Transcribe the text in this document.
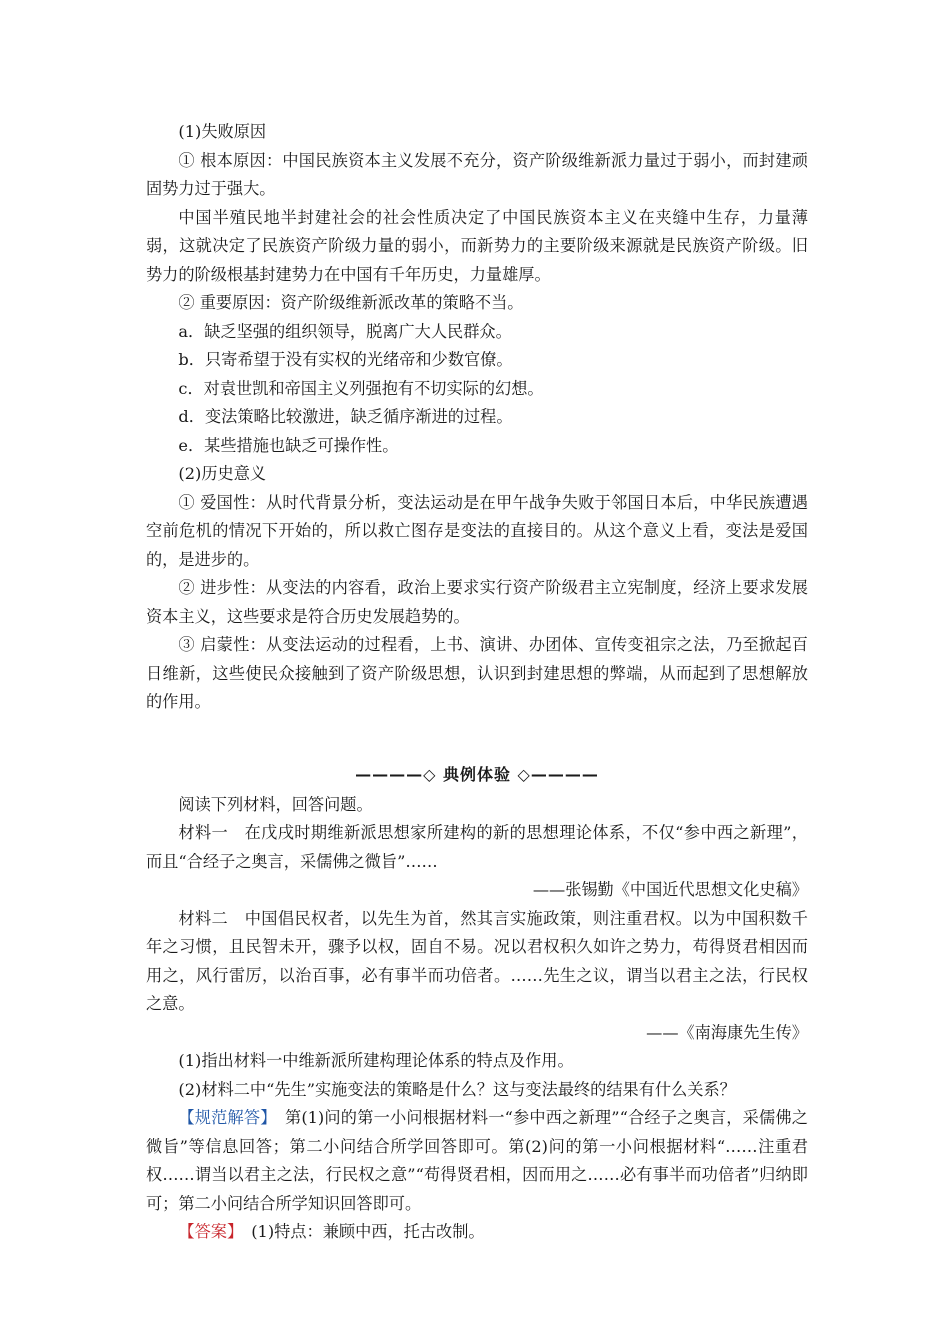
(1)失败原因

① 根本原因：中国民族资本主义发展不充分，资产阶级维新派力量过于弱小，而封建顽固势力过于强大。

中国半殖民地半封建社会的社会性质决定了中国民族资本主义在夹缝中生存，力量薄弱，这就决定了民族资产阶级力量的弱小，而新势力的主要阶级来源就是民族资产阶级。旧势力的阶级根基封建势力在中国有千年历史，力量雄厚。

② 重要原因：资产阶级维新派改革的策略不当。

a．缺乏坚强的组织领导，脱离广大人民群众。

b．只寄希望于没有实权的光绪帝和少数官僚。

c．对袁世凯和帝国主义列强抱有不切实际的幻想。

d．变法策略比较激进，缺乏循序渐进的过程。

e．某些措施也缺乏可操作性。

(2)历史意义

① 爱国性：从时代背景分析，变法运动是在甲午战争失败于邻国日本后，中华民族遭遇空前危机的情况下开始的，所以救亡图存是变法的直接目的。从这个意义上看，变法是爱国的，是进步的。

② 进步性：从变法的内容看，政治上要求实行资产阶级君主立宪制度，经济上要求发展资本主义，这些要求是符合历史发展趋势的。

③ 启蒙性：从变法运动的过程看，上书、演讲、办团体、宣传变祖宗之法，乃至掀起百日维新，这些使民众接触到了资产阶级思想，认识到封建思想的弊端，从而起到了思想解放的作用。

————◇ 典例体验 ◇————

阅读下列材料，回答问题。

材料一　在戊戌时期维新派思想家所建构的新的思想理论体系，不仅“参中西之新理”，而且“合经子之奥言，采儒佛之微旨”……

——张锡勤《中国近代思想文化史稿》

材料二　中国倡民权者，以先生为首，然其言实施政策，则注重君权。以为中国积数千年之习惯，且民智未开，骤予以权，固自不易。况以君权积久如许之势力，苟得贤君相因而用之，风行雷厉，以治百事，必有事半而功倍者。……先生之议，谓当以君主之法，行民权之意。

——《南海康先生传》

(1)指出材料一中维新派所建构理论体系的特点及作用。

(2)材料二中“先生”实施变法的策略是什么？这与变法最终的结果有什么关系？

【规范解答】　第(1)问的第一小问根据材料一“参中西之新理”“合经子之奥言，采儒佛之微旨”等信息回答；第二小问结合所学回答即可。第(2)问的第一小问根据材料“……注重君权……谓当以君主之法，行民权之意”“苟得贤君相，因而用之……必有事半而功倍者”归纳即可；第二小问结合所学知识回答即可。

【答案】　(1)特点：兼顾中西，托古改制。
